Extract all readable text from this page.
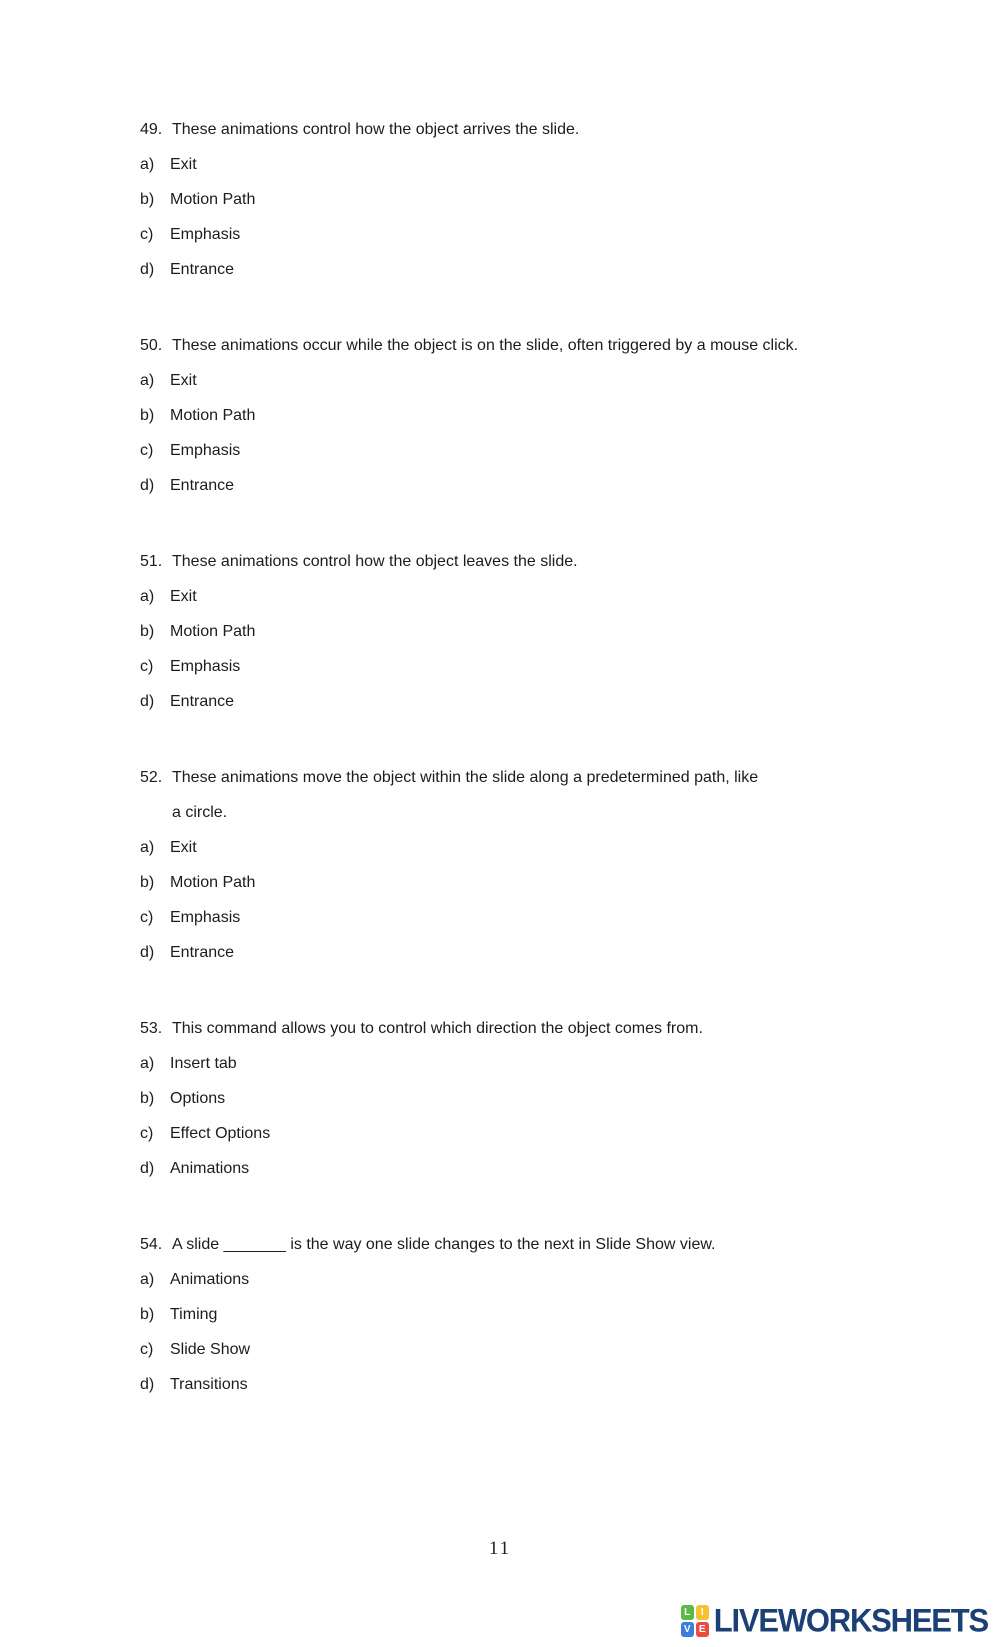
49. These animations control how the object arrives the slide.
a) Exit
b) Motion Path
c) Emphasis
d) Entrance
50. These animations occur while the object is on the slide, often triggered by a mouse click.
a) Exit
b) Motion Path
c) Emphasis
d) Entrance
51. These animations control how the object leaves the slide.
a) Exit
b) Motion Path
c) Emphasis
d) Entrance
52. These animations move the object within the slide along a predetermined path, like
a circle.
a) Exit
b) Motion Path
c) Emphasis
d) Entrance
53. This command allows you to control which direction the object comes from.
a) Insert tab
b) Options
c) Effect Options
d) Animations
54. A slide _______ is the way one slide changes to the next in Slide Show view.
a) Animations
b) Timing
c) Slide Show
d) Transitions
11
L	I
V E LIVEWORKSHEETS
